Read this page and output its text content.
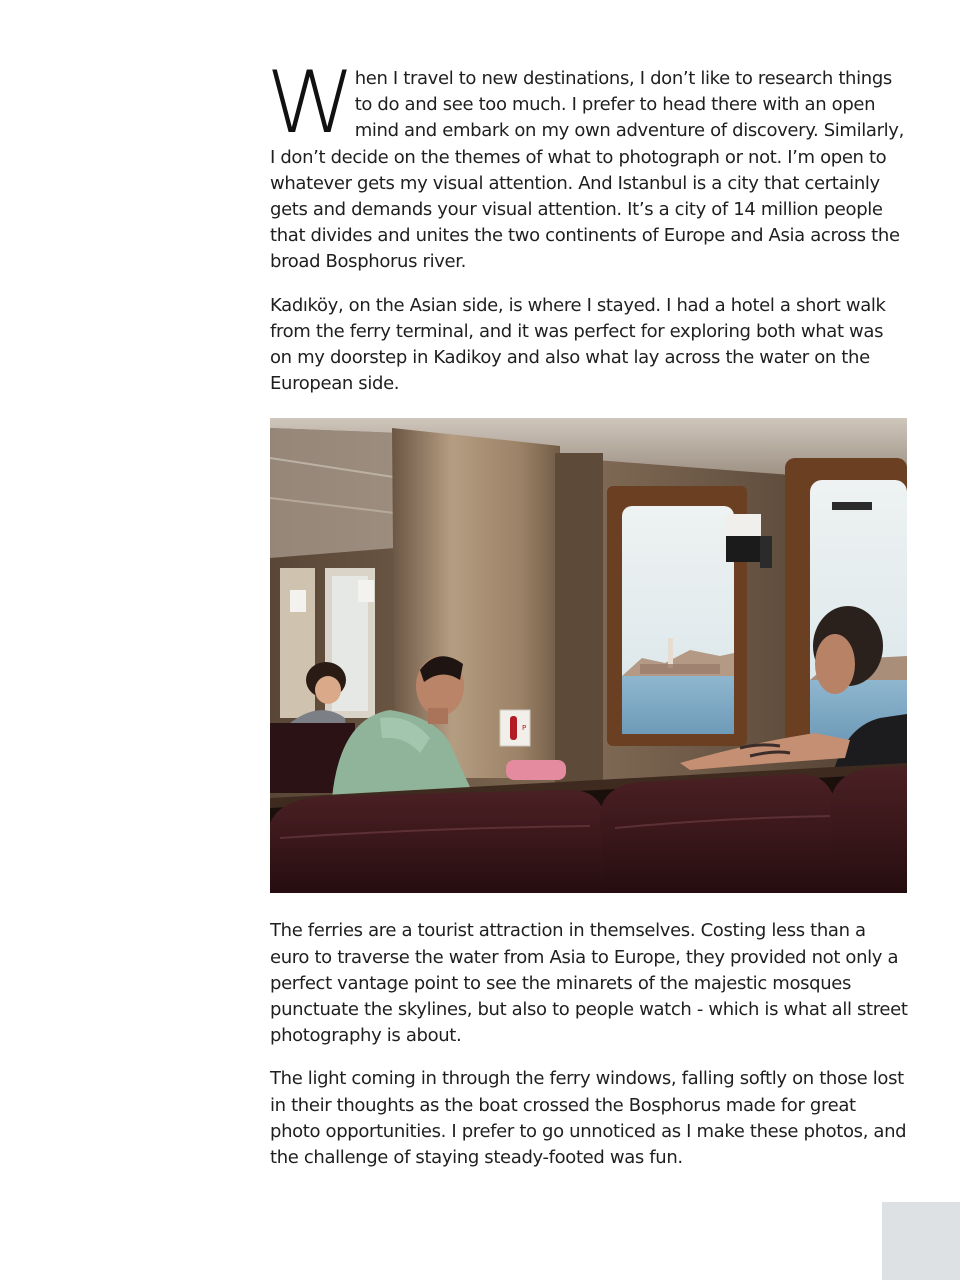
When I travel to new destinations, I don’t like to research things to do and see too much. I prefer to head there with an open mind and embark on my own adventure of discovery. Similarly, I don’t decide on the themes of what to photograph or not. I’m open to whatever gets my visual attention. And Istanbul is a city that certainly gets and demands your visual attention. It’s a city of 14 million people that divides and unites the two continents of Europe and Asia across the broad Bosphorus river.

Kadıköy, on the Asian side, is where I stayed. I had a hotel a short walk from the ferry terminal, and it was perfect for exploring both what was on my doorstep in Kadikoy and also what lay across the water on the European side.

P

The ferries are a tourist attraction in themselves. Costing less than a euro to traverse the water from Asia to Europe, they provided not only a perfect vantage point to see the minarets of the majestic mosques punctuate the skylines, but also to people watch - which is what all street photography is about.

The light coming in through the ferry windows, falling softly on those lost in their thoughts as the boat crossed the Bosphorus made for great photo opportunities. I prefer to go unnoticed as I make these photos, and the challenge of staying steady-footed was fun.
